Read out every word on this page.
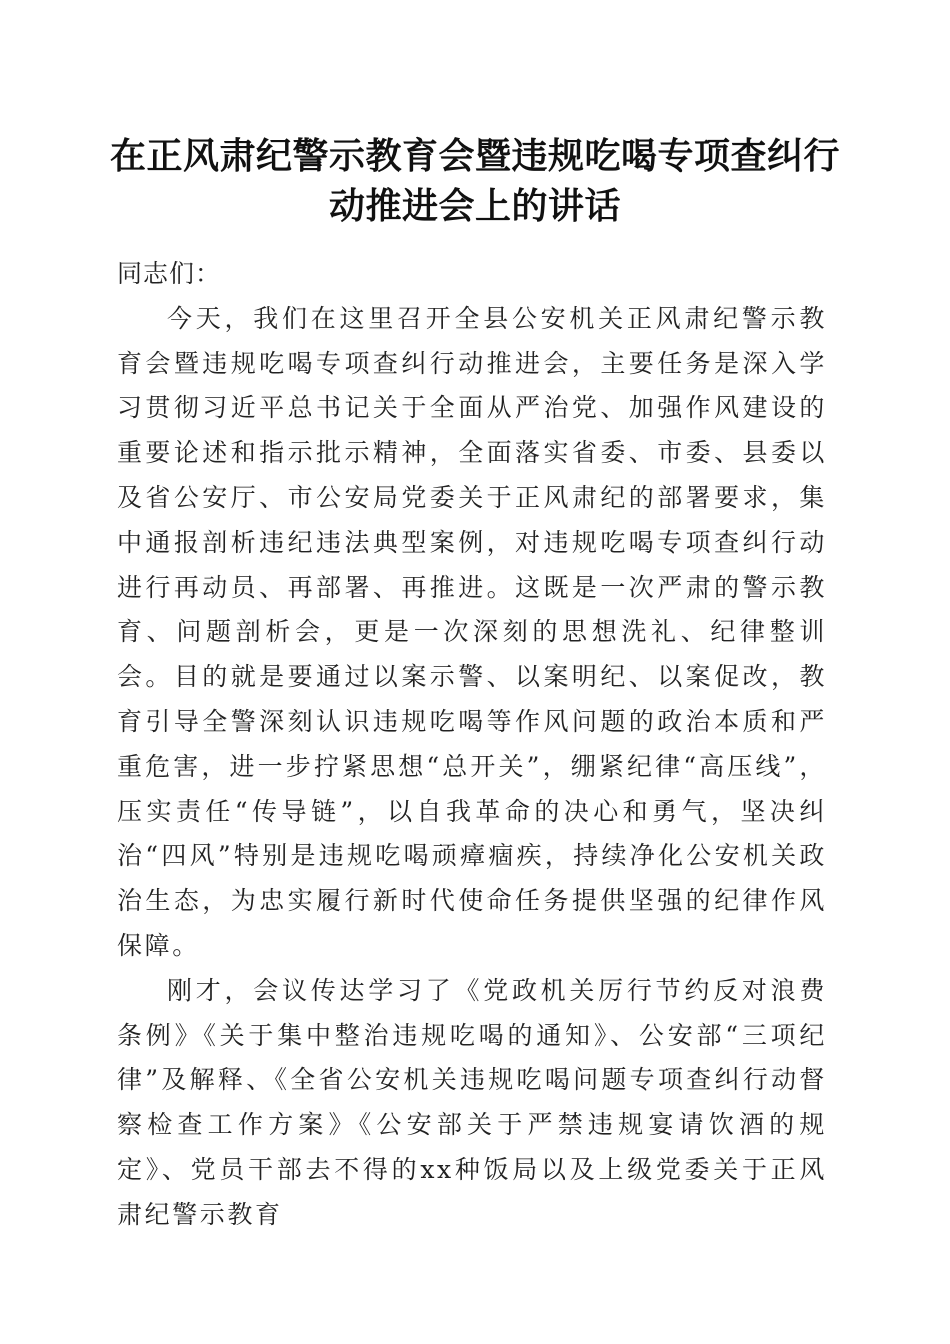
在正风肃纪警示教育会暨违规吃喝专项查纠行
动推进会上的讲话

同志们：

今天，我们在这里召开全县公安机关正风肃纪警示教育会暨违规吃喝专项查纠行动推进会，主要任务是深入学习贯彻习近平总书记关于全面从严治党、加强作风建设的重要论述和指示批示精神，全面落实省委、市委、县委以及省公安厅、市公安局党委关于正风肃纪的部署要求，集中通报剖析违纪违法典型案例，对违规吃喝专项查纠行动进行再动员、再部署、再推进。这既是一次严肃的警示教育、问题剖析会，更是一次深刻的思想洗礼、纪律整训会。目的就是要通过以案示警、以案明纪、以案促改，教育引导全警深刻认识违规吃喝等作风问题的政治本质和严重危害，进一步拧紧思想“总开关”，绷紧纪律“高压线”，压实责任“传导链”，以自我革命的决心和勇气，坚决纠治“四风”特别是违规吃喝顽瘴痼疾，持续净化公安机关政治生态，为忠实履行新时代使命任务提供坚强的纪律作风保障。

刚才，会议传达学习了《党政机关厉行节约反对浪费条例》《关于集中整治违规吃喝的通知》、公安部“三项纪律”及解释、《全省公安机关违规吃喝问题专项查纠行动督察检查工作方案》《公安部关于严禁违规宴请饮酒的规定》、党员干部去不得的xx种饭局以及上级党委关于正风肃纪警示教育
